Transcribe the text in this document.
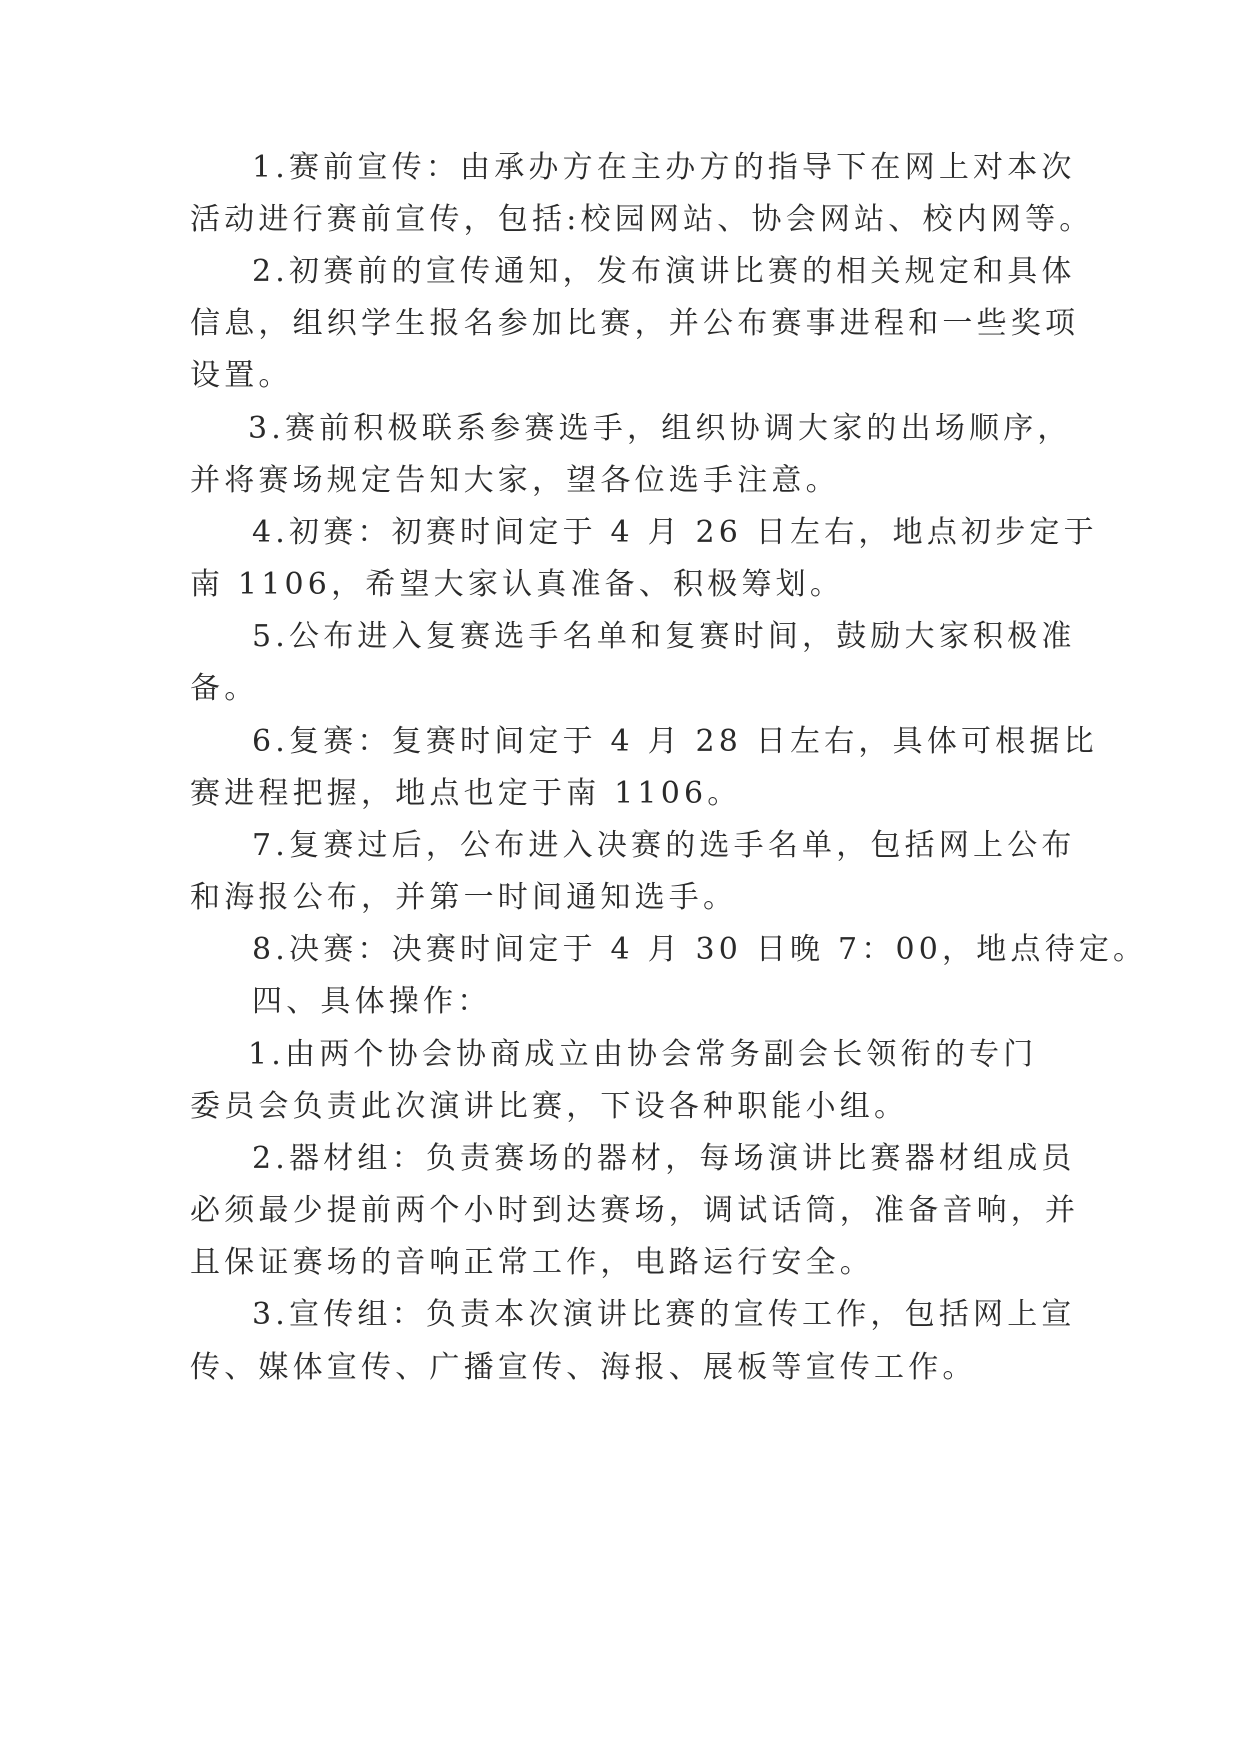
1.赛前宣传：由承办方在主办方的指导下在网上对本次
活动进行赛前宣传，包括:校园网站、协会网站、校内网等。
2.初赛前的宣传通知，发布演讲比赛的相关规定和具体
信息，组织学生报名参加比赛，并公布赛事进程和一些奖项
设置。
3.赛前积极联系参赛选手，组织协调大家的出场顺序，
并将赛场规定告知大家，望各位选手注意。
4.初赛：初赛时间定于 4 月 26 日左右，地点初步定于
南 1106，希望大家认真准备、积极筹划。
5.公布进入复赛选手名单和复赛时间，鼓励大家积极准
备。
6.复赛：复赛时间定于 4 月 28 日左右，具体可根据比
赛进程把握，地点也定于南 1106。
7.复赛过后，公布进入决赛的选手名单，包括网上公布
和海报公布，并第一时间通知选手。
8.决赛：决赛时间定于 4 月 30 日晚 7：00，地点待定。
四、具体操作：
1.由两个协会协商成立由协会常务副会长领衔的专门
委员会负责此次演讲比赛，下设各种职能小组。
2.器材组：负责赛场的器材，每场演讲比赛器材组成员
必须最少提前两个小时到达赛场，调试话筒，准备音响，并
且保证赛场的音响正常工作，电路运行安全。
3.宣传组：负责本次演讲比赛的宣传工作，包括网上宣
传、媒体宣传、广播宣传、海报、展板等宣传工作。
